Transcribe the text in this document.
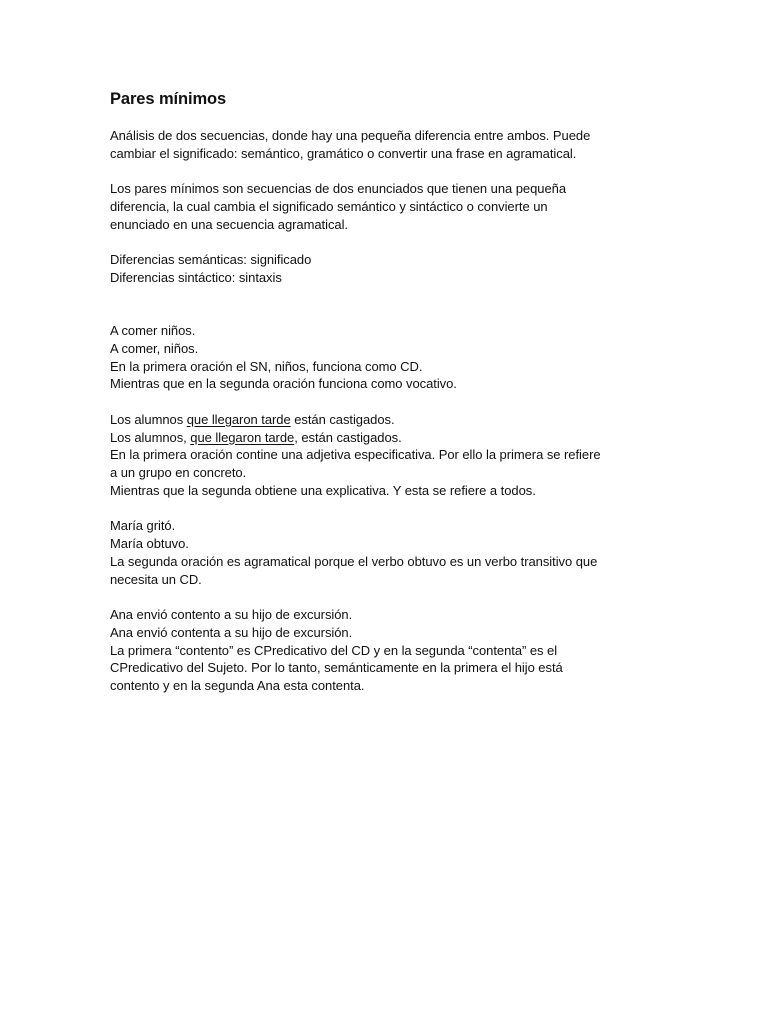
Pares mínimos
Análisis de dos secuencias, donde hay una pequeña diferencia entre ambos. Puede
cambiar el significado: semántico, gramático o convertir una frase en agramatical.
Los pares mínimos son secuencias de dos enunciados que tienen una pequeña
diferencia, la cual cambia el significado semántico y sintáctico o convierte un
enunciado en una secuencia agramatical.
Diferencias semánticas: significado
Diferencias sintáctico: sintaxis
A comer niños.
A comer, niños.
En la primera oración el SN, niños, funciona como CD.
Mientras que en la segunda oración funciona como vocativo.
Los alumnos que llegaron tarde están castigados.
Los alumnos, que llegaron tarde, están castigados.
En la primera oración contine una adjetiva especificativa. Por ello la primera se refiere
a un grupo en concreto.
Mientras que la segunda obtiene una explicativa. Y esta se refiere a todos.
María gritó.
María obtuvo.
La segunda oración es agramatical porque el verbo obtuvo es un verbo transitivo que
necesita un CD.
Ana envió contento a su hijo de excursión.
Ana envió contenta a su hijo de excursión.
La primera “contento” es CPredicativo del CD y en la segunda “contenta” es el
CPredicativo del Sujeto. Por lo tanto, semánticamente en la primera el hijo está
contento y en la segunda Ana esta contenta.
